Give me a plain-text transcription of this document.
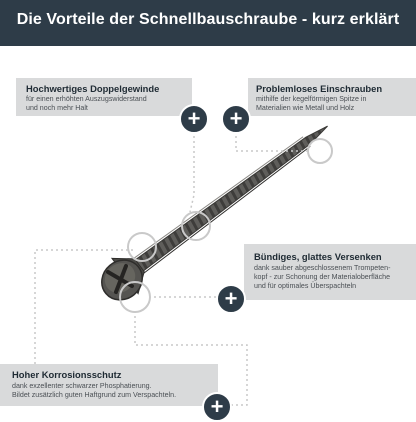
Die Vorteile der Schnellbauschraube - kurz erklärt
Hochwertiges Doppelgewinde
für einen erhöhten Auszugswiderstand
und noch mehr Halt	+
Problemloses Einschrauben
mithilfe der kegelförmigen Spitze in
Materialien wie Metall und Holz
+
Bündiges, glattes Versenken
dank sauber abgeschlossenem Trompeten-
kopf - zur Schonung der Materialoberfläche
und für optimales Überspachteln
+
Hoher Korrosionsschutz
dank exzellenter schwarzer Phosphatierung.
Bildet zusätzlich guten Haftgrund zum Verspachteln.	+
